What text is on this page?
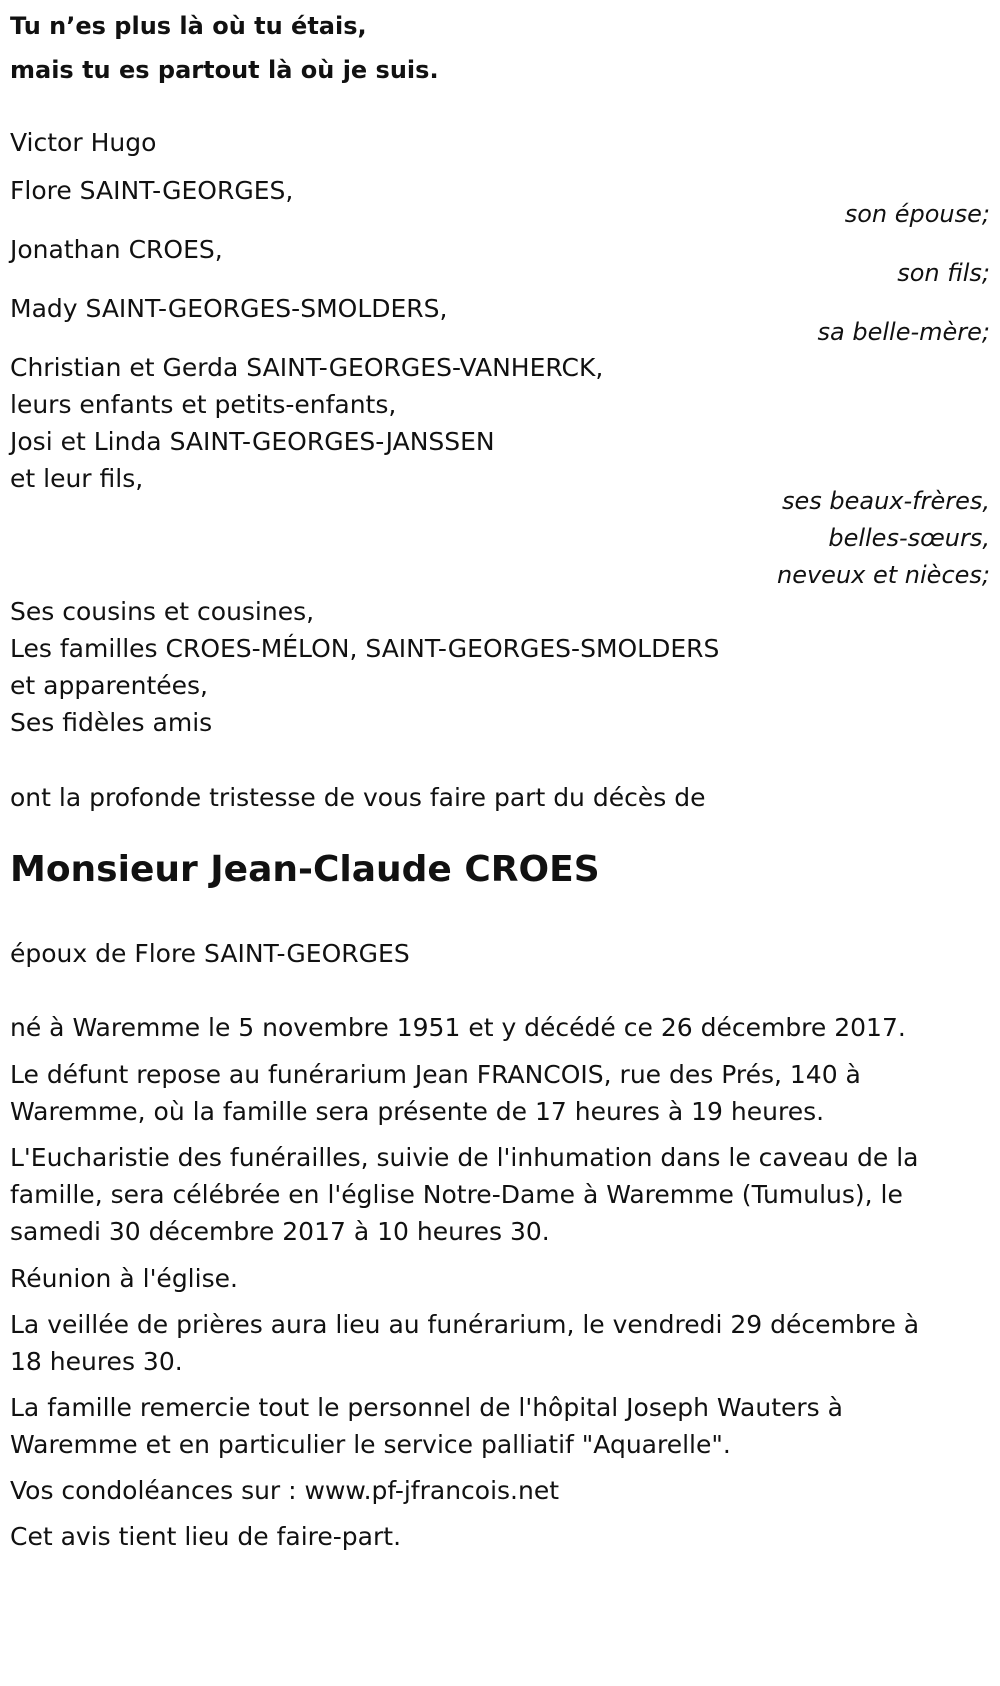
Tu n’es plus là où tu étais,
mais tu es partout là où je suis.
Victor Hugo
Flore SAINT-GEORGES,
son épouse;
Jonathan CROES,
son fils;
Mady SAINT-GEORGES-SMOLDERS,
sa belle-mère;
Christian et Gerda SAINT-GEORGES-VANHERCK,
leurs enfants et petits-enfants,
Josi et Linda SAINT-GEORGES-JANSSEN
et leur fils,
ses beaux-frères,
belles-sœurs,
neveux et nièces;
Ses cousins et cousines,
Les familles CROES-MÉLON, SAINT-GEORGES-SMOLDERS
et apparentées,
Ses fidèles amis
ont la profonde tristesse de vous faire part du décès de
Monsieur Jean-Claude CROES
époux de Flore SAINT-GEORGES
né à Waremme le 5 novembre 1951 et y décédé ce 26 décembre 2017.
Le défunt repose au funérarium Jean FRANCOIS, rue des Prés, 140 à
Waremme, où la famille sera présente de 17 heures à 19 heures.
L'Eucharistie des funérailles, suivie de l'inhumation dans le caveau de la
famille, sera célébrée en l'église Notre-Dame à Waremme (Tumulus), le
samedi 30 décembre 2017 à 10 heures 30.
Réunion à l'église.
La veillée de prières aura lieu au funérarium, le vendredi 29 décembre à
18 heures 30.
La famille remercie tout le personnel de l'hôpital Joseph Wauters à
Waremme et en particulier le service palliatif "Aquarelle".
Vos condoléances sur : www.pf-jfrancois.net
Cet avis tient lieu de faire-part.
